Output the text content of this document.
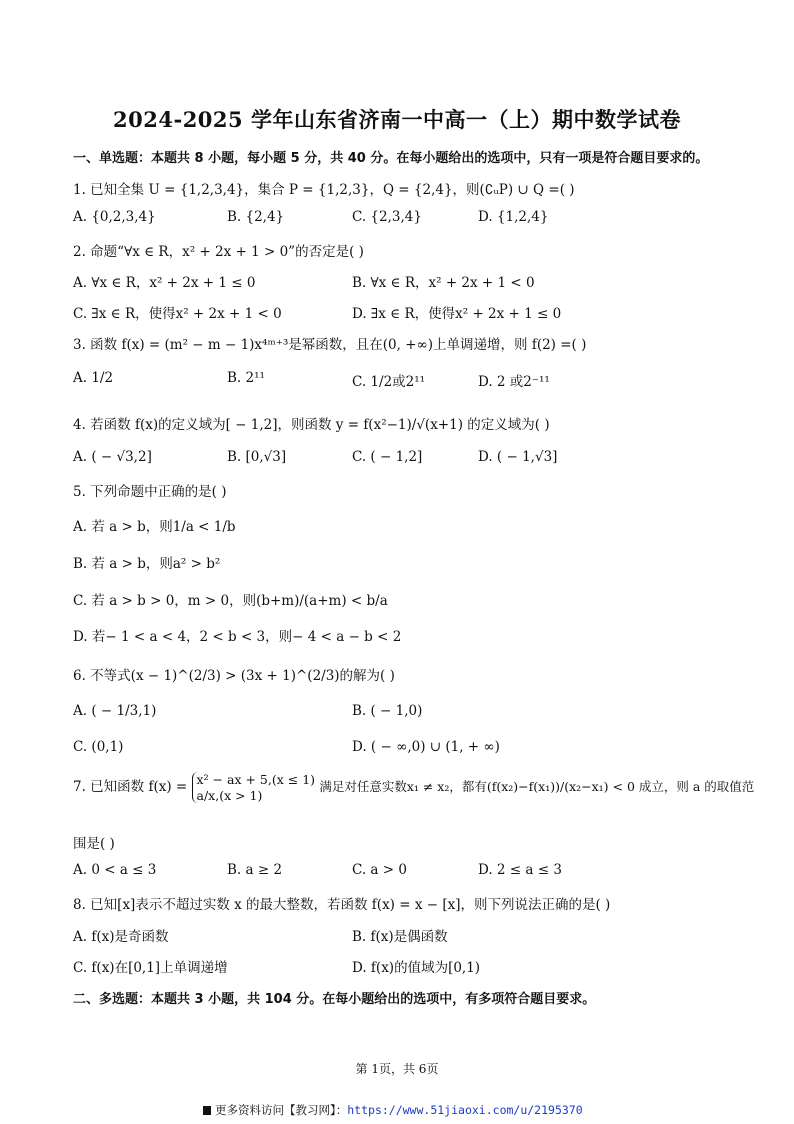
2024-2025 学年山东省济南一中高一（上）期中数学试卷
一、单选题：本题共 8 小题，每小题 5 分，共 40 分。在每小题给出的选项中，只有一项是符合题目要求的。
1. 已知全集 U = {1,2,3,4}，集合 P = {1,2,3}，Q = {2,4}，则(∁ᵤP) ∪ Q =( )
A. {0,2,3,4}	B. {2,4}	C. {2,3,4}	D. {1,2,4}
2. 命题“∀x ∈ R，x² + 2x + 1 > 0”的否定是( )
A. ∀x ∈ R，x² + 2x + 1 ≤ 0	B. ∀x ∈ R，x² + 2x + 1 < 0
C. ∃x ∈ R，使得x² + 2x + 1 < 0	D. ∃x ∈ R，使得x² + 2x + 1 ≤ 0
3. 函数 f(x) = (m² − m − 1)x⁴ᵐ⁺³是幂函数，且在(0, +∞)上单调递增，则 f(2) =( )
A. 1/2	B. 2¹¹	C. 1/2或2¹¹	D. 2 或2⁻¹¹
4. 若函数 f(x)的定义域为[ − 1,2]，则函数 y = f(x²−1)/√(x+1) 的定义域为( )
A. ( − √3,2]	B. [0,√3]	C. ( − 1,2]	D. ( − 1,√3]
5. 下列命题中正确的是( )
A. 若 a > b，则1/a < 1/b
B. 若 a > b，则a² > b²
C. 若 a > b > 0，m > 0，则(b+m)/(a+m) < b/a
D. 若− 1 < a < 4，2 < b < 3，则− 4 < a − b < 2
6. 不等式(x − 1)^(2/3) > (3x + 1)^(2/3)的解为( )
A. ( − 1/3,1)	B. ( − 1,0)
C. (0,1)	D. ( − ∞,0) ∪ (1, + ∞)
7. 已知函数 f(x) = x² − ax + 5,(x ≤ 1)
a/x,(x > 1)
满足对任意实数x₁ ≠ x₂，都有(f(x₂)−f(x₁))/(x₂−x₁) < 0 成立，则 a 的取值范
围是( )
A. 0 < a ≤ 3	B. a ≥ 2	C. a > 0	D. 2 ≤ a ≤ 3
8. 已知[x]表示不超过实数 x 的最大整数，若函数 f(x) = x − [x]，则下列说法正确的是( )
A. f(x)是奇函数	B. f(x)是偶函数
C. f(x)在[0,1]上单调递增	D. f(x)的值域为[0,1)
二、多选题：本题共 3 小题，共 104 分。在每小题给出的选项中，有多项符合题目要求。
第 1页，共 6页
更多资料访问【教习网】：https://www.51jiaoxi.com/u/2195370
